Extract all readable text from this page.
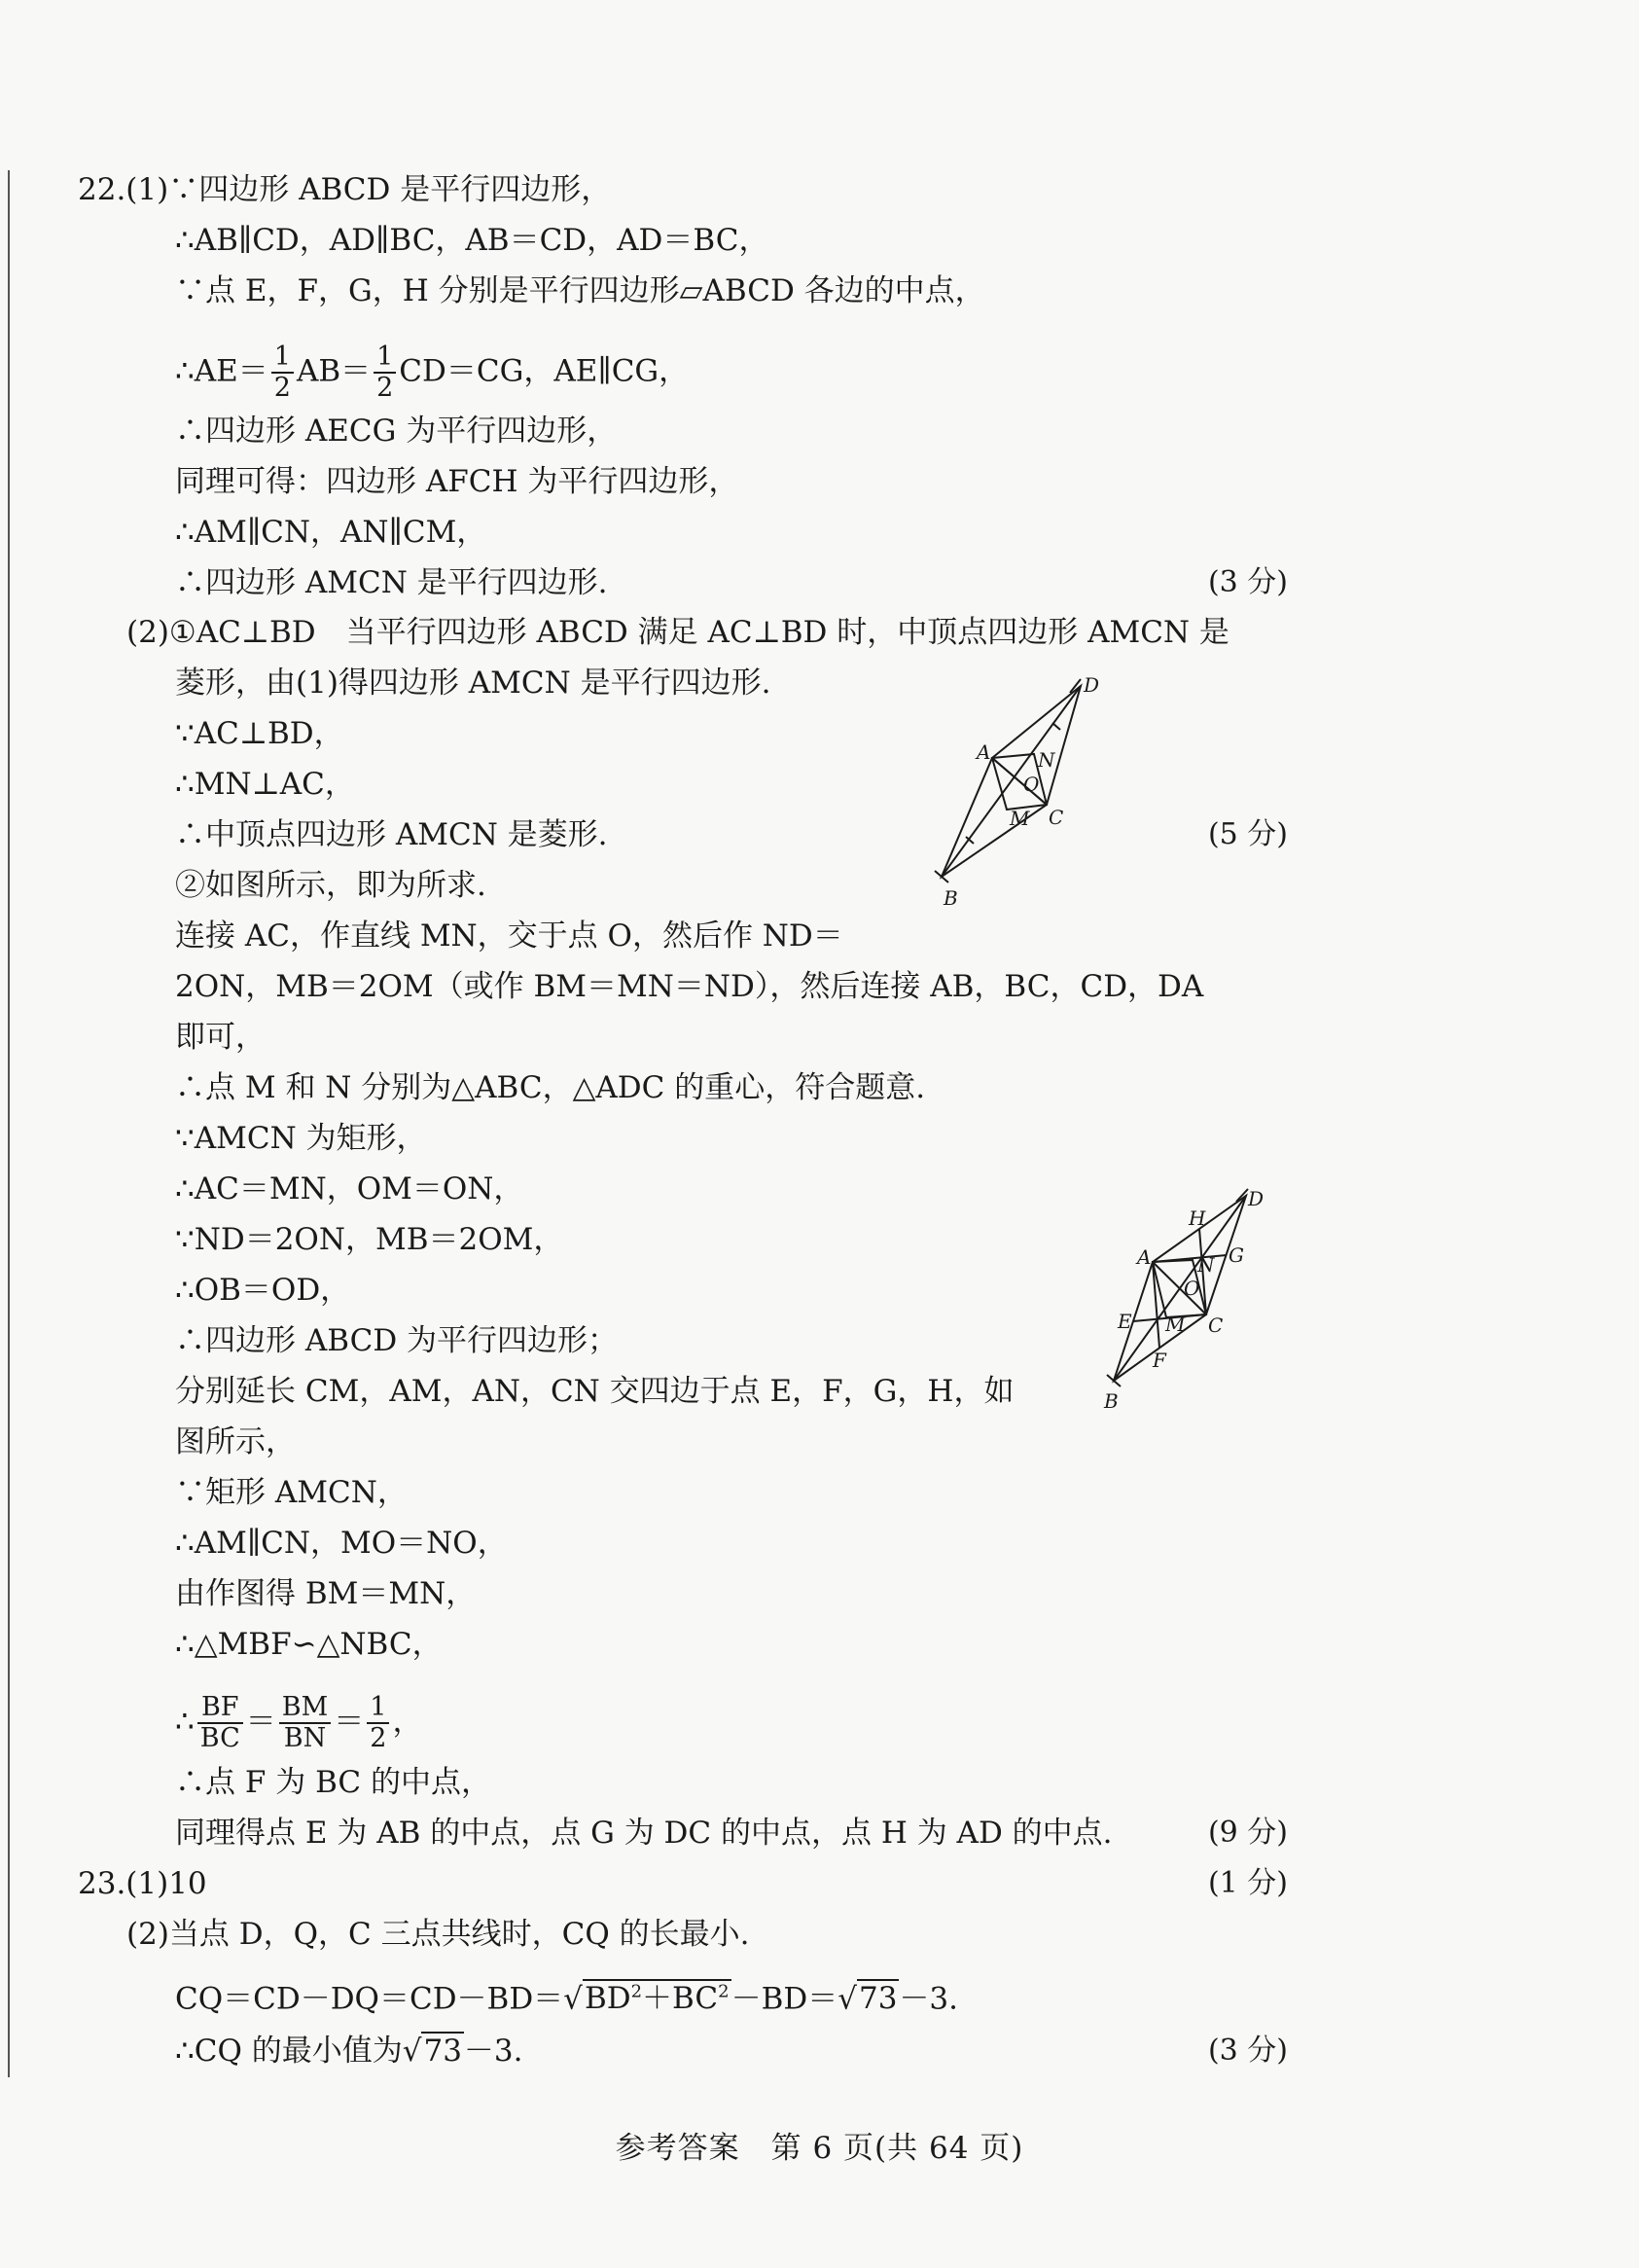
22.(1)∵四边形 ABCD 是平行四边形，
∴AB∥CD，AD∥BC，AB＝CD，AD＝BC，
∵点 E，F，G，H 分别是平行四边形▱ABCD 各边的中点，
∴AE＝ $\frac{1}{2} AB= \frac{1}{2} CD=CG$，AE∥CG，
∴四边形 AECG 为平行四边形，
同理可得：四边形 AFCH 为平行四边形，
∴AM∥CN，AN∥CM，
∴四边形 AMCN 是平行四边形.	(3 分)
(2)①AC⊥BD　当平行四边形 ABCD 满足 AC⊥BD 时，中顶点四边形 AMCN 是
菱形，由(1)得四边形 AMCN 是平行四边形.
∵AC⊥BD，
∴MN⊥AC，
∴中顶点四边形 AMCN 是菱形.	(5 分)
②如图所示，即为所求.
连接 AC，作直线 MN，交于点 O，然后作 ND＝
2ON，MB＝2OM（或作 BM＝MN＝ND），然后连接 AB，BC，CD，DA
即可，
∴点 M 和 N 分别为△ABC，△ADC 的重心，符合题意.
∵AMCN 为矩形，
∴AC＝MN，OM＝ON，
∵ND＝2ON，MB＝2OM，
∴OB＝OD，
∴四边形 ABCD 为平行四边形；
分别延长 CM，AM，AN，CN 交四边于点 E，F，G，H，如
图所示，
∵矩形 AMCN，
∴AM∥CN，MO＝NO，
由作图得 BM＝MN，
∴△MBF∽△NBC，
∴ $\frac{BF}{BC} = \frac{BM}{BN} = \frac{1}{2}$ ，
∴点 F 为 BC 的中点，
同理得点 E 为 AB 的中点，点 G 为 DC 的中点，点 H 为 AD 的中点.	(9 分)
23.(1)10	(1 分)
(2)当点 D，Q，C 三点共线时，CQ 的长最小.
$CQ=CD-DQ=CD-BD=√BD^2+BC^2-BD=√73-3$.
∴CQ 的最小值为√73－3.	(3 分)
D
A N
O
M C
B
D
H
A	G
N
O
E M C
F
B
参考答案　第 6 页(共 64 页)
